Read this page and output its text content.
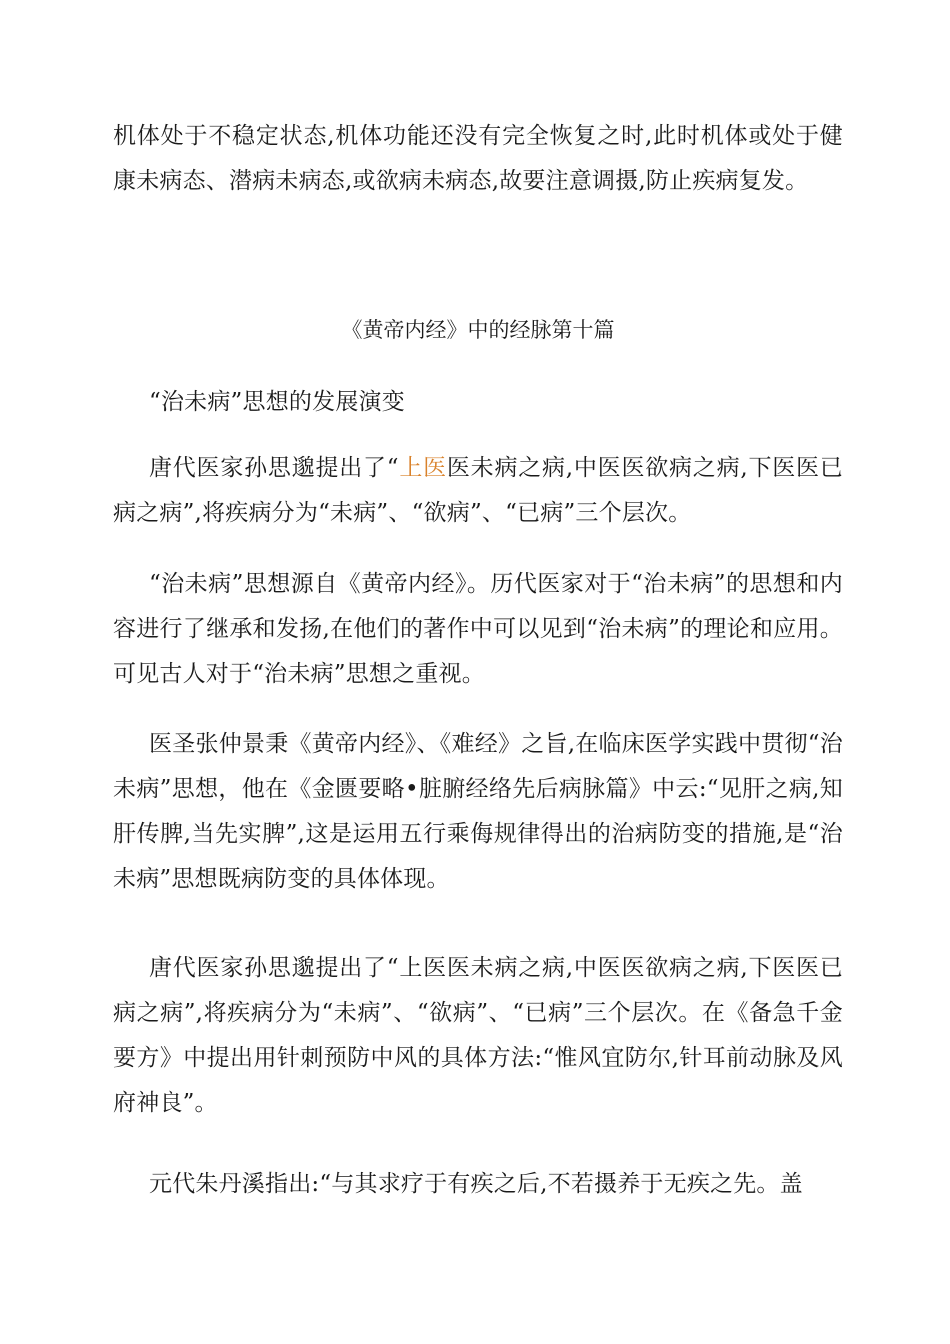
机体处于不稳定状态,机体功能还没有完全恢复之时,此时机体或处于健康未病态、潜病未病态,或欲病未病态,故要注意调摄,防止疾病复发。

《黄帝内经》中的经脉第十篇

“治未病”思想的发展演变

唐代医家孙思邈提出了“上医医未病之病,中医医欲病之病,下医医已病之病”,将疾病分为“未病”、“欲病”、“已病”三个层次。

“治未病”思想源自《黄帝内经》。历代医家对于“治未病”的思想和内容进行了继承和发扬,在他们的著作中可以见到“治未病”的理论和应用。可见古人对于“治未病”思想之重视。

医圣张仲景秉《黄帝内经》、《难经》之旨,在临床医学实践中贯彻“治未病”思想，他在《金匮要略•脏腑经络先后病脉篇》中云:“见肝之病,知肝传脾,当先实脾”,这是运用五行乘侮规律得出的治病防变的措施,是“治未病”思想既病防变的具体体现。

唐代医家孙思邈提出了“上医医未病之病,中医医欲病之病,下医医已病之病”,将疾病分为“未病”、“欲病”、“已病”三个层次。在《备急千金要方》中提出用针刺预防中风的具体方法:“惟风宜防尔,针耳前动脉及风府神良”。

元代朱丹溪指出:“与其求疗于有疾之后,不若摄养于无疾之先。盖
